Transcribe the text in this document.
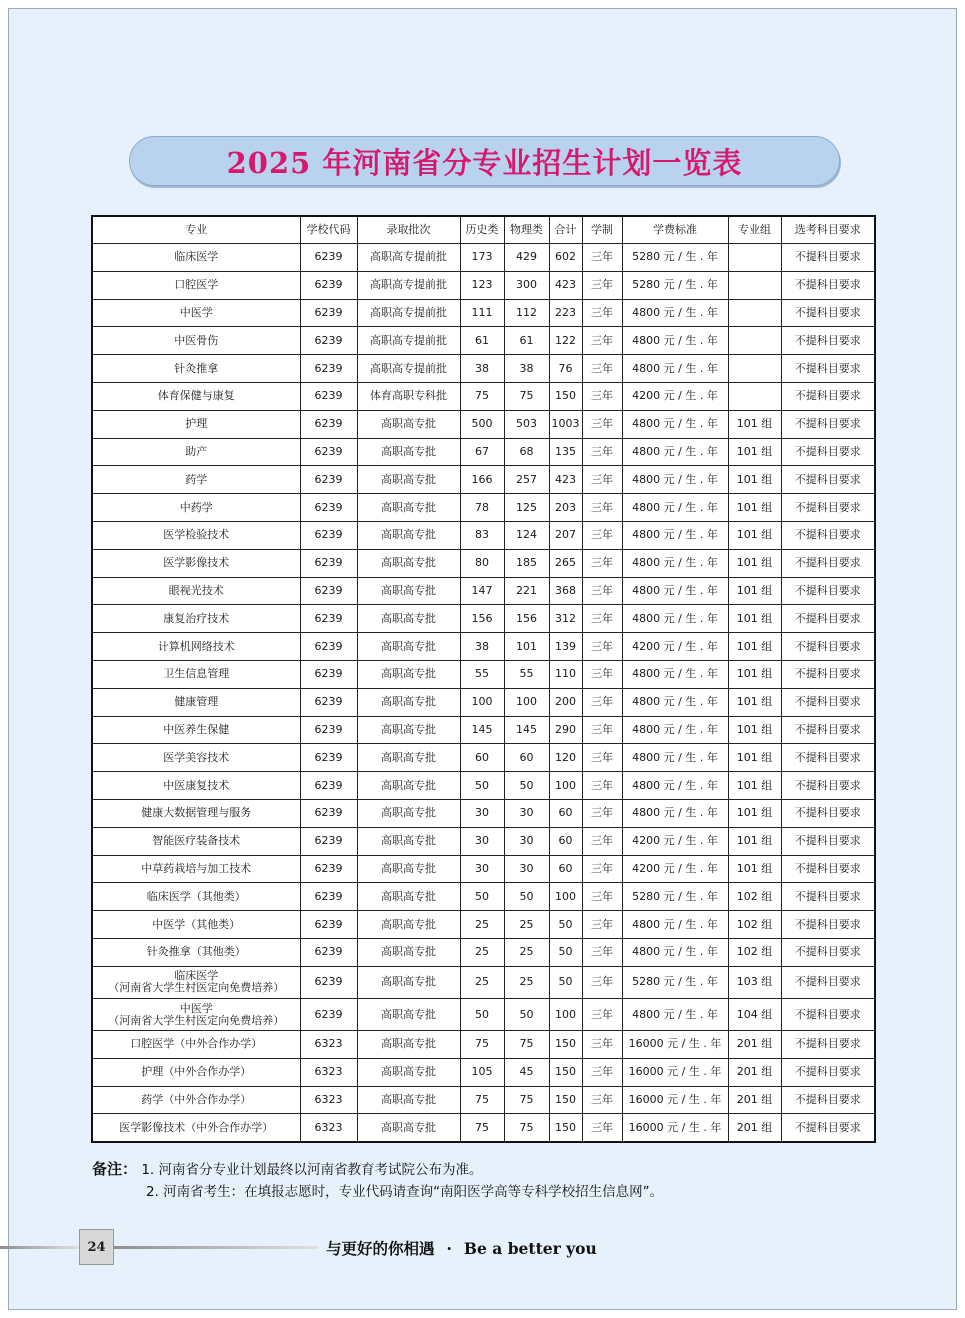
2025 年河南省分专业招生计划一览表
专业	学校代码	录取批次	历史类	物理类	合计	学制	学费标准	专业组	选考科目要求
临床医学	6239	高职高专提前批	173	429	602	三年	5280 元 / 生 . 年		不提科目要求
口腔医学	6239	高职高专提前批	123	300	423	三年	5280 元 / 生 . 年		不提科目要求
中医学	6239	高职高专提前批	111	112	223	三年	4800 元 / 生 . 年		不提科目要求
中医骨伤	6239	高职高专提前批	61	61	122	三年	4800 元 / 生 . 年		不提科目要求
针灸推拿	6239	高职高专提前批	38	38	76	三年	4800 元 / 生 . 年		不提科目要求
体育保健与康复	6239	体育高职专科批	75	75	150	三年	4200 元 / 生 . 年		不提科目要求
护理	6239	高职高专批	500	503	1003	三年	4800 元 / 生 . 年	101 组	不提科目要求
助产	6239	高职高专批	67	68	135	三年	4800 元 / 生 . 年	101 组	不提科目要求
药学	6239	高职高专批	166	257	423	三年	4800 元 / 生 . 年	101 组	不提科目要求
中药学	6239	高职高专批	78	125	203	三年	4800 元 / 生 . 年	101 组	不提科目要求
医学检验技术	6239	高职高专批	83	124	207	三年	4800 元 / 生 . 年	101 组	不提科目要求
医学影像技术	6239	高职高专批	80	185	265	三年	4800 元 / 生 . 年	101 组	不提科目要求
眼视光技术	6239	高职高专批	147	221	368	三年	4800 元 / 生 . 年	101 组	不提科目要求
康复治疗技术	6239	高职高专批	156	156	312	三年	4800 元 / 生 . 年	101 组	不提科目要求
计算机网络技术	6239	高职高专批	38	101	139	三年	4200 元 / 生 . 年	101 组	不提科目要求
卫生信息管理	6239	高职高专批	55	55	110	三年	4800 元 / 生 . 年	101 组	不提科目要求
健康管理	6239	高职高专批	100	100	200	三年	4800 元 / 生 . 年	101 组	不提科目要求
中医养生保健	6239	高职高专批	145	145	290	三年	4800 元 / 生 . 年	101 组	不提科目要求
医学美容技术	6239	高职高专批	60	60	120	三年	4800 元 / 生 . 年	101 组	不提科目要求
中医康复技术	6239	高职高专批	50	50	100	三年	4800 元 / 生 . 年	101 组	不提科目要求
健康大数据管理与服务	6239	高职高专批	30	30	60	三年	4800 元 / 生 . 年	101 组	不提科目要求
智能医疗装备技术	6239	高职高专批	30	30	60	三年	4200 元 / 生 . 年	101 组	不提科目要求
中草药栽培与加工技术	6239	高职高专批	30	30	60	三年	4200 元 / 生 . 年	101 组	不提科目要求
临床医学（其他类）	6239	高职高专批	50	50	100	三年	5280 元 / 生 . 年	102 组	不提科目要求
中医学（其他类）	6239	高职高专批	25	25	50	三年	4800 元 / 生 . 年	102 组	不提科目要求
针灸推拿（其他类）	6239	高职高专批	25	25	50	三年	4800 元 / 生 . 年	102 组	不提科目要求

临床医学
（河南省大学生村医定向免费培养）	6239	高职高专批	25	25	50	三年	5280 元 / 生 . 年	103 组	不提科目要求

中医学
（河南省大学生村医定向免费培养）	6239	高职高专批	50	50	100	三年	4800 元 / 生 . 年	104 组	不提科目要求
口腔医学（中外合作办学）	6323	高职高专批	75	75	150	三年	16000 元 / 生 . 年	201 组	不提科目要求
护理（中外合作办学）	6323	高职高专批	105	45	150	三年	16000 元 / 生 . 年	201 组	不提科目要求
药学（中外合作办学）	6323	高职高专批	75	75	150	三年	16000 元 / 生 . 年	201 组	不提科目要求
医学影像技术（中外合作办学）	6323	高职高专批	75	75	150	三年	16000 元 / 生 . 年	201 组	不提科目要求
备注： 1. 河南省分专业计划最终以河南省教育考试院公布为准。
2. 河南省考生：在填报志愿时，专业代码请查询“南阳医学高等专科学校招生信息网”。
24	与更好的你相遇 · Be a better you
